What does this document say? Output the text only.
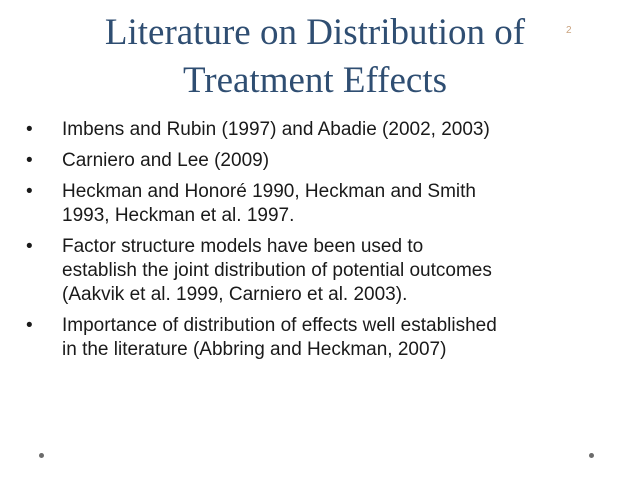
Literature on Distribution of
Treatment Effects
2
•	Imbens and Rubin (1997) and Abadie (2002, 2003)
•	Carniero and Lee (2009)
•	Heckman and Honoré 1990, Heckman and Smith
1993, Heckman et al. 1997.
•	Factor structure models have been used to
establish the joint distribution of potential outcomes
(Aakvik et al. 1999, Carniero et al. 2003).
•	Importance of distribution of effects well established
in the literature (Abbring and Heckman, 2007)
